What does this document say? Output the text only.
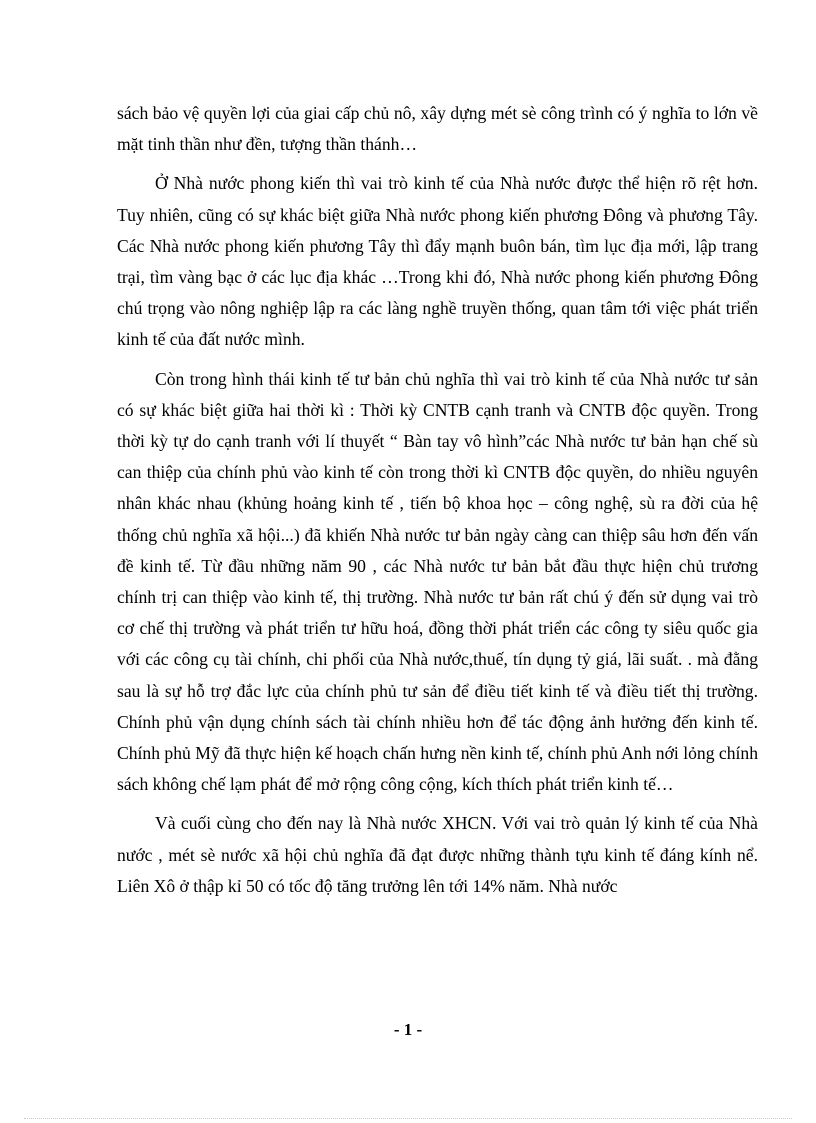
sách bảo vệ quyền lợi của giai cấp chủ nô, xây dựng mét sè công trình có ý nghĩa to lớn về mặt tinh thần như đền, tượng thần thánh…

Ở Nhà nước phong kiến thì vai trò kinh tế của Nhà nước được thể hiện rõ rệt hơn. Tuy nhiên, cũng có sự khác biệt giữa Nhà nước phong kiến phương Đông và phương Tây. Các Nhà nước phong kiến phương Tây thì đẩy mạnh buôn bán, tìm lục địa mới, lập trang trại, tìm vàng bạc ở các lục địa khác …Trong khi đó, Nhà nước phong kiến phương Đông chú trọng vào nông nghiệp lập ra các làng nghề truyền thống, quan tâm tới việc phát triển kinh tế của đất nước mình.

Còn trong hình thái kinh tế tư bản chủ nghĩa thì vai trò kinh tế của Nhà nước tư sản có sự khác biệt giữa hai thời kì : Thời kỳ CNTB cạnh tranh và CNTB độc quyền. Trong thời kỳ tự do cạnh tranh với lí thuyết “ Bàn tay vô hình”các Nhà nước tư bản hạn chế sù can thiệp của chính phủ vào kinh tế còn trong thời kì CNTB độc quyền, do nhiều nguyên nhân khác nhau (khủng hoảng kinh tế , tiến bộ khoa học – công nghệ, sù ra đời của hệ thống chủ nghĩa xã hội...) đã khiến Nhà nước tư bản ngày càng can thiệp sâu hơn đến vấn đề kinh tế. Từ đầu những năm 90 , các Nhà nước tư bản bắt đầu thực hiện chủ trương chính trị can thiệp vào kinh tế, thị trường. Nhà nước tư bản rất chú ý đến sử dụng vai trò cơ chế thị trường và phát triển tư hữu hoá, đồng thời phát triển các công ty siêu quốc gia với các công cụ tài chính, chi phối của Nhà nước,thuế, tín dụng tỷ giá, lãi suất. . mà đằng sau là sự hỗ trợ đắc lực của chính phủ tư sản để điều tiết kinh tế và điều tiết thị trường. Chính phủ vận dụng chính sách tài chính nhiều hơn để tác động ảnh hưởng đến kinh tế. Chính phủ Mỹ đã thực hiện kế hoạch chấn hưng nền kinh tế, chính phủ Anh nới lỏng chính sách không chế lạm phát để mở rộng công cộng, kích thích phát triển kinh tế…

Và cuối cùng cho đến nay là Nhà nước XHCN. Với vai trò quản lý kinh tế của Nhà nước , mét sè nước xã hội chủ nghĩa đã đạt được những thành tựu kinh tế đáng kính nể. Liên Xô ở thập kỉ 50 có tốc độ tăng trưởng lên tới 14% năm. Nhà nước

- 1 -
